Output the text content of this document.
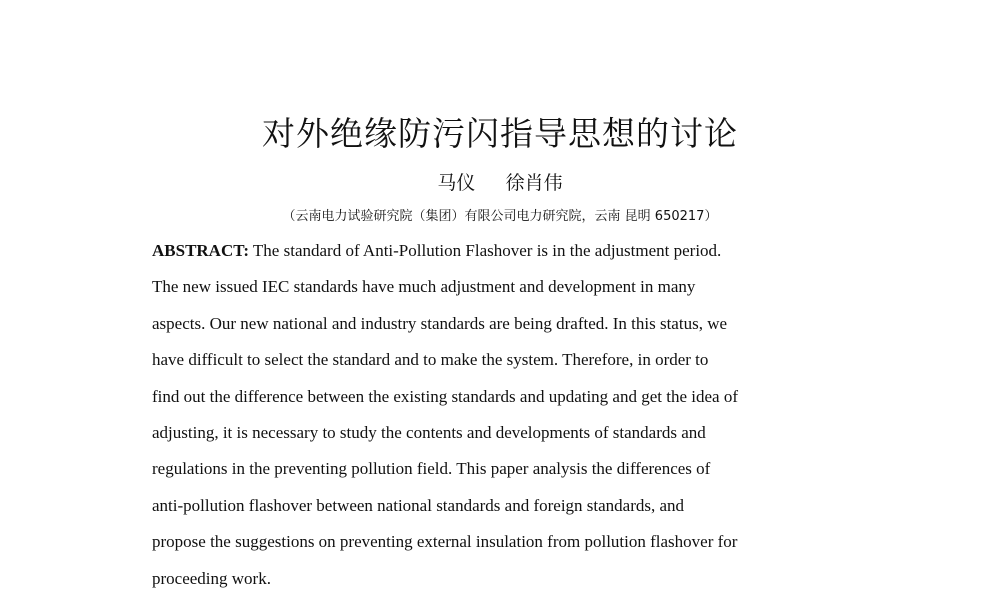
对外绝缘防污闪指导思想的讨论
马仪     徐肖伟
（云南电力试验研究院（集团）有限公司电力研究院，云南 昆明 650217）
ABSTRACT: The standard of Anti-Pollution Flashover is in the adjustment period.
The new issued IEC standards have much adjustment and development in many
aspects. Our new national and industry standards are being drafted. In this status, we
have difficult to select the standard and to make the system. Therefore, in order to
find out the difference between the existing standards and updating and get the idea of
adjusting, it is necessary to study the contents and developments of standards and
regulations in the preventing pollution field. This paper analysis the differences of
anti-pollution flashover between national standards and foreign standards, and
propose the suggestions on preventing external insulation from pollution flashover for
proceeding work.
